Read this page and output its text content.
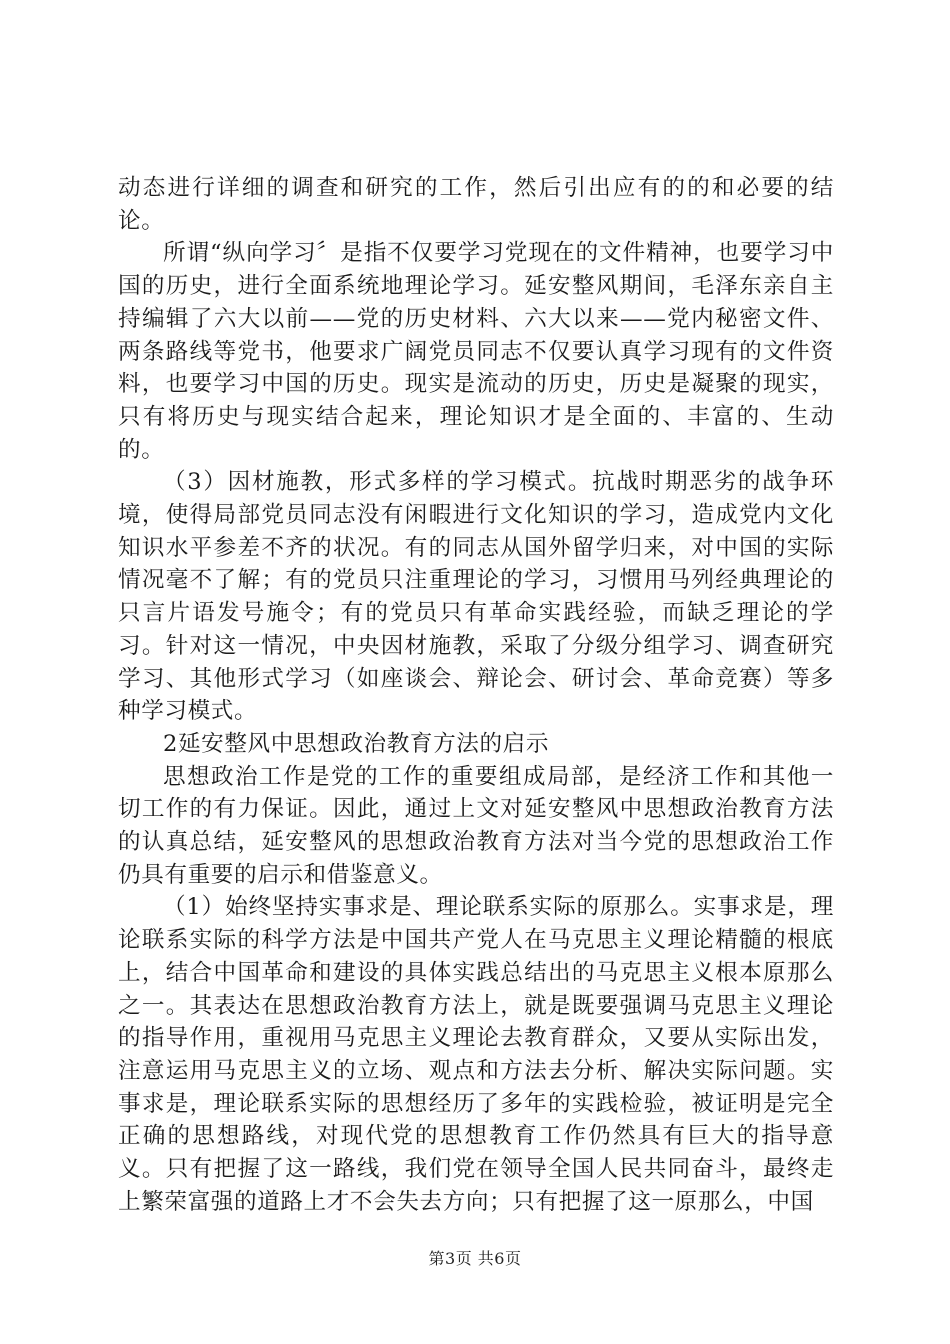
动态进行详细的调查和研究的工作，然后引出应有的的和必要的结论。

所谓“纵向学习〞是指不仅要学习党现在的文件精神，也要学习中国的历史，进行全面系统地理论学习。延安整风期间，毛泽东亲自主持编辑了六大以前——党的历史材料、六大以来——党内秘密文件、两条路线等党书，他要求广阔党员同志不仅要认真学习现有的文件资料，也要学习中国的历史。现实是流动的历史，历史是凝聚的现实，只有将历史与现实结合起来，理论知识才是全面的、丰富的、生动的。

（3）因材施教，形式多样的学习模式。抗战时期恶劣的战争环境，使得局部党员同志没有闲暇进行文化知识的学习，造成党内文化知识水平参差不齐的状况。有的同志从国外留学归来，对中国的实际情况毫不了解；有的党员只注重理论的学习，习惯用马列经典理论的只言片语发号施令；有的党员只有革命实践经验，而缺乏理论的学习。针对这一情况，中央因材施教，采取了分级分组学习、调查研究学习、其他形式学习（如座谈会、辩论会、研讨会、革命竞赛）等多种学习模式。

2延安整风中思想政治教育方法的启示

思想政治工作是党的工作的重要组成局部，是经济工作和其他一切工作的有力保证。因此，通过上文对延安整风中思想政治教育方法的认真总结，延安整风的思想政治教育方法对当今党的思想政治工作仍具有重要的启示和借鉴意义。

（1）始终坚持实事求是、理论联系实际的原那么。实事求是，理论联系实际的科学方法是中国共产党人在马克思主义理论精髓的根底上，结合中国革命和建设的具体实践总结出的马克思主义根本原那么之一。其表达在思想政治教育方法上，就是既要强调马克思主义理论的指导作用，重视用马克思主义理论去教育群众，又要从实际出发，注意运用马克思主义的立场、观点和方法去分析、解决实际问题。实事求是，理论联系实际的思想经历了多年的实践检验，被证明是完全正确的思想路线，对现代党的思想教育工作仍然具有巨大的指导意义。只有把握了这一路线，我们党在领导全国人民共同奋斗，最终走上繁荣富强的道路上才不会失去方向；只有把握了这一原那么，中国

第3页 共6页
